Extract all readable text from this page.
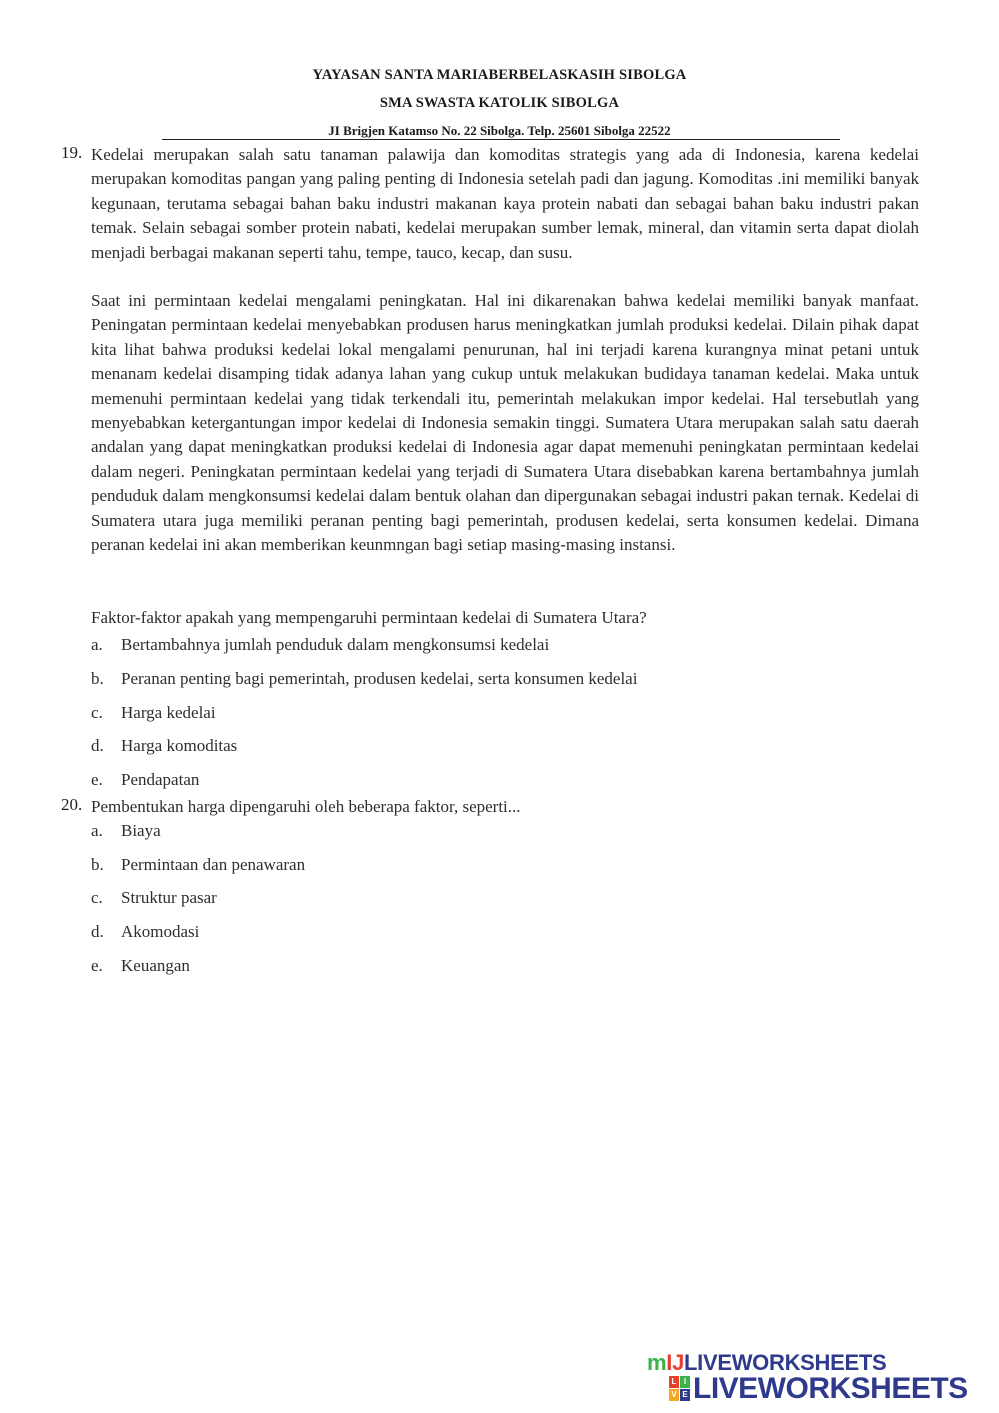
YAYASAN SANTA MARIABERBELASKASIH SIBOLGA
SMA SWASTA KATOLIK SIBOLGA
JI Brigjen Katamso No. 22 Sibolga. Telp. 25601 Sibolga 22522
19. Kedelai merupakan salah satu tanaman palawija dan komoditas strategis yang ada di Indonesia, karena kedelai merupakan komoditas pangan yang paling penting di Indonesia setelah padi dan jagung. Komoditas .ini memiliki banyak kegunaan, terutama sebagai bahan baku industri makanan kaya protein nabati dan sebagai bahan baku industri pakan temak. Selain sebagai somber protein nabati, kedelai merupakan sumber lemak, mineral, dan vitamin serta dapat diolah menjadi berbagai makanan seperti tahu, tempe, tauco, kecap, dan susu.
Saat ini permintaan kedelai mengalami peningkatan. Hal ini dikarenakan bahwa kedelai memiliki banyak manfaat. Peningatan permintaan kedelai menyebabkan produsen harus meningkatkan jumlah produksi kedelai. Dilain pihak dapat kita lihat bahwa produksi kedelai lokal mengalami penurunan, hal ini terjadi karena kurangnya minat petani untuk menanam kedelai disamping tidak adanya lahan yang cukup untuk melakukan budidaya tanaman kedelai. Maka untuk memenuhi permintaan kedelai yang tidak terkendali itu, pemerintah melakukan impor kedelai. Hal tersebutlah yang menyebabkan ketergantungan impor kedelai di Indonesia semakin tinggi. Sumatera Utara merupakan salah satu daerah andalan yang dapat meningkatkan produksi kedelai di Indonesia agar dapat memenuhi peningkatan permintaan kedelai dalam negeri. Peningkatan permintaan kedelai yang terjadi di Sumatera Utara disebabkan karena bertambahnya jumlah penduduk dalam mengkonsumsi kedelai dalam bentuk olahan dan dipergunakan sebagai industri pakan ternak. Kedelai di Sumatera utara juga memiliki peranan penting bagi pemerintah, produsen kedelai, serta konsumen kedelai. Dimana peranan kedelai ini akan memberikan keunmngan bagi setiap masing-masing instansi.
Faktor-faktor apakah yang mempengaruhi permintaan kedelai di Sumatera Utara?
a. Bertambahnya jumlah penduduk dalam mengkonsumsi kedelai
b. Peranan penting bagi pemerintah, produsen kedelai, serta konsumen kedelai
c. Harga kedelai
d. Harga komoditas
e. Pendapatan
20. Pembentukan harga dipengaruhi oleh beberapa faktor, seperti...
a. Biaya
b. Permintaan dan penawaran
c. Struktur pasar
d. Akomodasi
e. Keuangan
mIJLIVEWORKSHEETS
L I
V E LIVEWORKSHEETS
